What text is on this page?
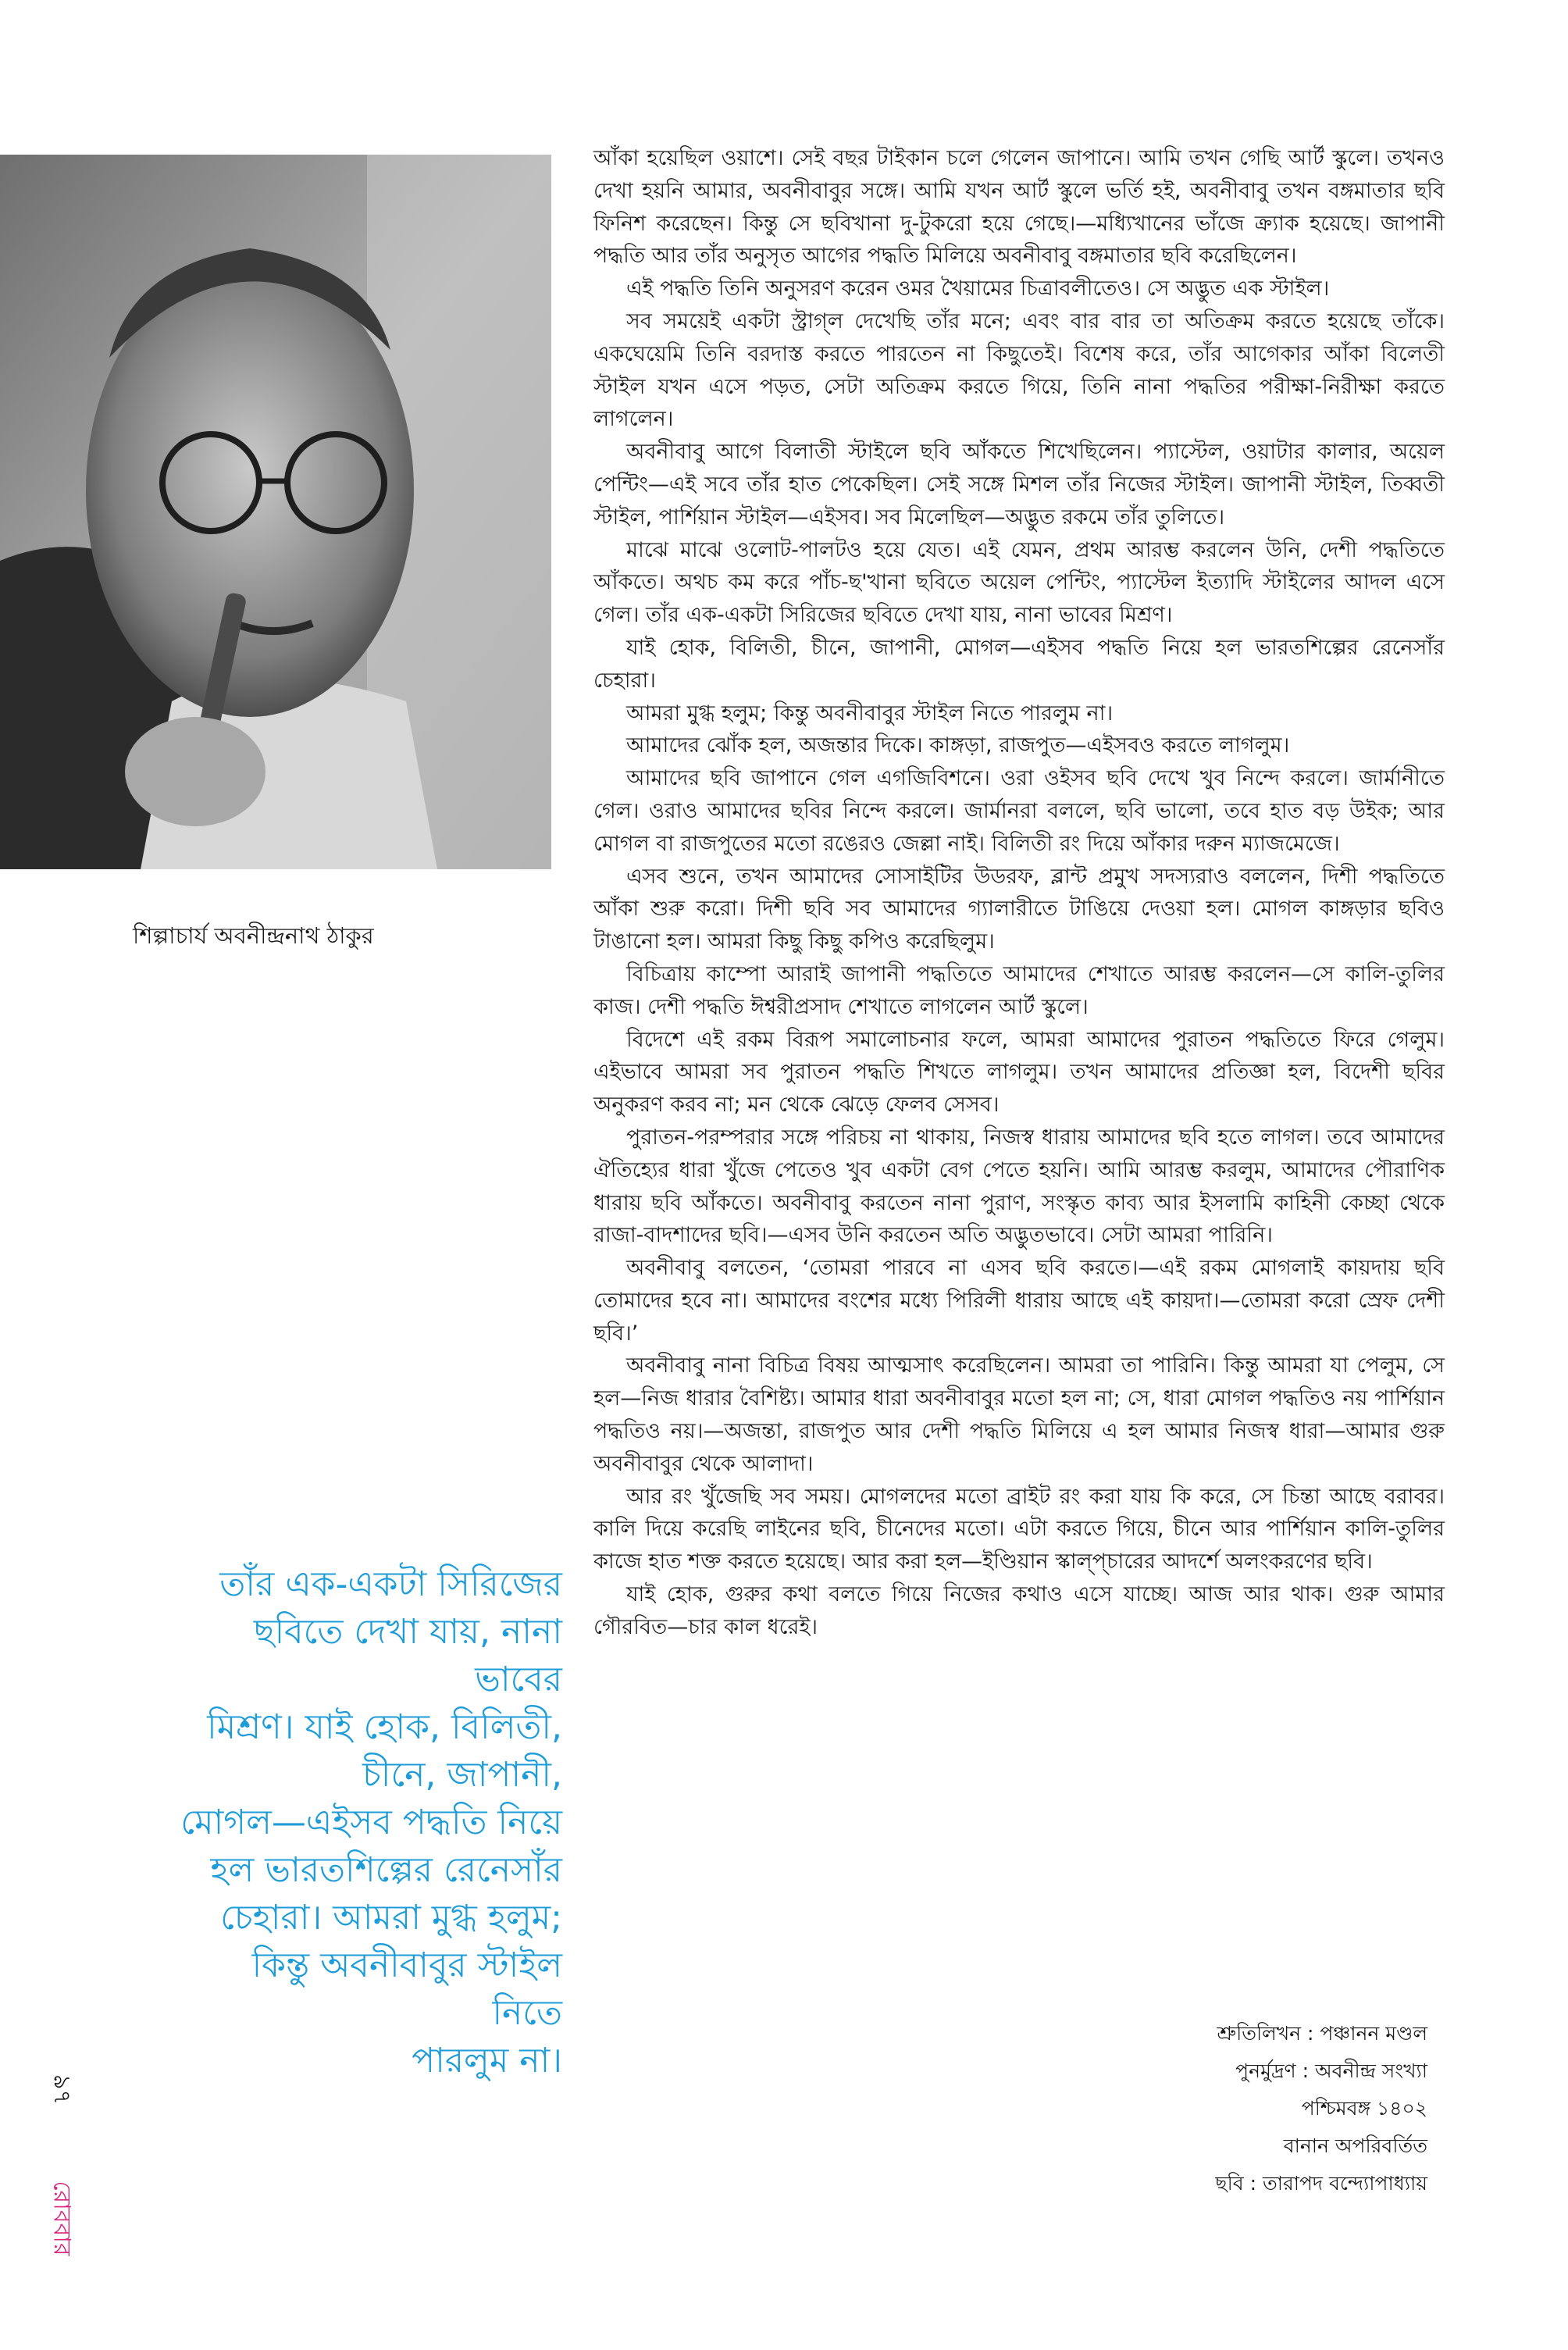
শিল্পাচার্য অবনীন্দ্রনাথ ঠাকুর

তাঁর এক-একটা সিরিজের

ছবিতে দেখা যায়, নানা ভাবের

মিশ্রণ। যাই হোক, বিলিতী,

চীনে, জাপানী,

মোগল—এইসব পদ্ধতি নিয়ে

হল ভারতশিল্পের রেনেসাঁর

চেহারা। আমরা মুগ্ধ হলুম;

কিন্তু অবনীবাবুর স্টাইল নিতে

পারলুম না।

আঁকা হয়েছিল ওয়াশে। সেই বছর টাইকান চলে গেলেন জাপানে। আমি তখন গেছি আর্ট স্কুলে। তখনও দেখা হয়নি আমার, অবনীবাবুর সঙ্গে। আমি যখন আর্ট স্কুলে ভর্তি হই, অবনীবাবু তখন বঙ্গমাতার ছবি ফিনিশ করেছেন। কিন্তু সে ছবিখানা দু-টুকরো হয়ে গেছে।—মধ্যিখানের ভাঁজে ক্র্যাক হয়েছে। জাপানী পদ্ধতি আর তাঁর অনুসৃত আগের পদ্ধতি মিলিয়ে অবনীবাবু বঙ্গমাতার ছবি করেছিলেন।

এই পদ্ধতি তিনি অনুসরণ করেন ওমর খৈয়ামের চিত্রাবলীতেও। সে অদ্ভুত এক স্টাইল।

সব সময়েই একটা স্ট্রাগ্‌ল দেখেছি তাঁর মনে; এবং বার বার তা অতিক্রম করতে হয়েছে তাঁকে। একঘেয়েমি তিনি বরদাস্ত করতে পারতেন না কিছুতেই। বিশেষ করে, তাঁর আগেকার আঁকা বিলেতী স্টাইল যখন এসে পড়ত, সেটা অতিক্রম করতে গিয়ে, তিনি নানা পদ্ধতির পরীক্ষা-নিরীক্ষা করতে লাগলেন।

অবনীবাবু আগে বিলাতী স্টাইলে ছবি আঁকতে শিখেছিলেন। প্যাস্টেল, ওয়াটার কালার, অয়েল পেন্টিং—এই সবে তাঁর হাত পেকেছিল। সেই সঙ্গে মিশল তাঁর নিজের স্টাইল। জাপানী স্টাইল, তিব্বতী স্টাইল, পার্শিয়ান স্টাইল—এইসব। সব মিলেছিল—অদ্ভুত রকমে তাঁর তুলিতে।

মাঝে মাঝে ওলোট-পালটও হয়ে যেত। এই যেমন, প্রথম আরম্ভ করলেন উনি, দেশী পদ্ধতিতে আঁকতে। অথচ কম করে পাঁচ-ছ'খানা ছবিতে অয়েল পেন্টিং, প্যাস্টেল ইত্যাদি স্টাইলের আদল এসে গেল। তাঁর এক-একটা সিরিজের ছবিতে দেখা যায়, নানা ভাবের মিশ্রণ।

যাই হোক, বিলিতী, চীনে, জাপানী, মোগল—এইসব পদ্ধতি নিয়ে হল ভারতশিল্পের রেনেসাঁর চেহারা।

আমরা মুগ্ধ হলুম; কিন্তু অবনীবাবুর স্টাইল নিতে পারলুম না।

আমাদের ঝোঁক হল, অজন্তার দিকে। কাঙ্গড়া, রাজপুত—এইসবও করতে লাগলুম।

আমাদের ছবি জাপানে গেল এগজিবিশনে। ওরা ওইসব ছবি দেখে খুব নিন্দে করলে। জার্মানীতে গেল। ওরাও আমাদের ছবির নিন্দে করলে। জার্মানরা বললে, ছবি ভালো, তবে হাত বড় উইক; আর মোগল বা রাজপুতের মতো রঙেরও জেল্লা নাই। বিলিতী রং দিয়ে আঁকার দরুন ম্যাজমেজে।

এসব শুনে, তখন আমাদের সোসাইটির উডরফ, ব্লান্ট প্রমুখ সদস্যরাও বললেন, দিশী পদ্ধতিতে আঁকা শুরু করো। দিশী ছবি সব আমাদের গ্যালারীতে টাঙিয়ে দেওয়া হল। মোগল কাঙ্গড়ার ছবিও টাঙানো হল। আমরা কিছু কিছু কপিও করেছিলুম।

বিচিত্রায় কাম্পো আরাই জাপানী পদ্ধতিতে আমাদের শেখাতে আরম্ভ করলেন—সে কালি-তুলির কাজ। দেশী পদ্ধতি ঈশ্বরীপ্রসাদ শেখাতে লাগলেন আর্ট স্কুলে।

বিদেশে এই রকম বিরূপ সমালোচনার ফলে, আমরা আমাদের পুরাতন পদ্ধতিতে ফিরে গেলুম। এইভাবে আমরা সব পুরাতন পদ্ধতি শিখতে লাগলুম। তখন আমাদের প্রতিজ্ঞা হল, বিদেশী ছবির অনুকরণ করব না; মন থেকে ঝেড়ে ফেলব সেসব।

পুরাতন-পরম্পরার সঙ্গে পরিচয় না থাকায়, নিজস্ব ধারায় আমাদের ছবি হতে লাগল। তবে আমাদের ঐতিহ্যের ধারা খুঁজে পেতেও খুব একটা বেগ পেতে হয়নি। আমি আরম্ভ করলুম, আমাদের পৌরাণিক ধারায় ছবি আঁকতে। অবনীবাবু করতেন নানা পুরাণ, সংস্কৃত কাব্য আর ইসলামি কাহিনী কেচ্ছা থেকে রাজা-বাদশাদের ছবি।—এসব উনি করতেন অতি অদ্ভুতভাবে। সেটা আমরা পারিনি।

অবনীবাবু বলতেন, ‘তোমরা পারবে না এসব ছবি করতে।—এই রকম মোগলাই কায়দায় ছবি তোমাদের হবে না। আমাদের বংশের মধ্যে পিরিলী ধারায় আছে এই কায়দা।—তোমরা করো স্রেফ দেশী ছবি।’

অবনীবাবু নানা বিচিত্র বিষয় আত্মসাৎ করেছিলেন। আমরা তা পারিনি। কিন্তু আমরা যা পেলুম, সে হল—নিজ ধারার বৈশিষ্ট্য। আমার ধারা অবনীবাবুর মতো হল না; সে, ধারা মোগল পদ্ধতিও নয় পার্শিয়ান পদ্ধতিও নয়।—অজন্তা, রাজপুত আর দেশী পদ্ধতি মিলিয়ে এ হল আমার নিজস্ব ধারা—আমার গুরু অবনীবাবুর থেকে আলাদা।

আর রং খুঁজেছি সব সময়। মোগলদের মতো ব্রাইট রং করা যায় কি করে, সে চিন্তা আছে বরাবর। কালি দিয়ে করেছি লাইনের ছবি, চীনেদের মতো। এটা করতে গিয়ে, চীনে আর পার্শিয়ান কালি-তুলির কাজে হাত শক্ত করতে হয়েছে। আর করা হল—ইণ্ডিয়ান স্কাল্‌প্চারের আদর্শে অলংকরণের ছবি।

যাই হোক, গুরুর কথা বলতে গিয়ে নিজের কথাও এসে যাচ্ছে। আজ আর থাক। গুরু আমার গৌরবিত—চার কাল ধরেই।

শ্রুতিলিখন : পঞ্চানন মণ্ডল
পুনর্মুদ্রণ : অবনীন্দ্র সংখ্যা
পশ্চিমবঙ্গ ১৪০২
বানান অপরিবর্তিত
ছবি : তারাপদ বন্দ্যোপাধ্যায়
৯৭
রোববার
